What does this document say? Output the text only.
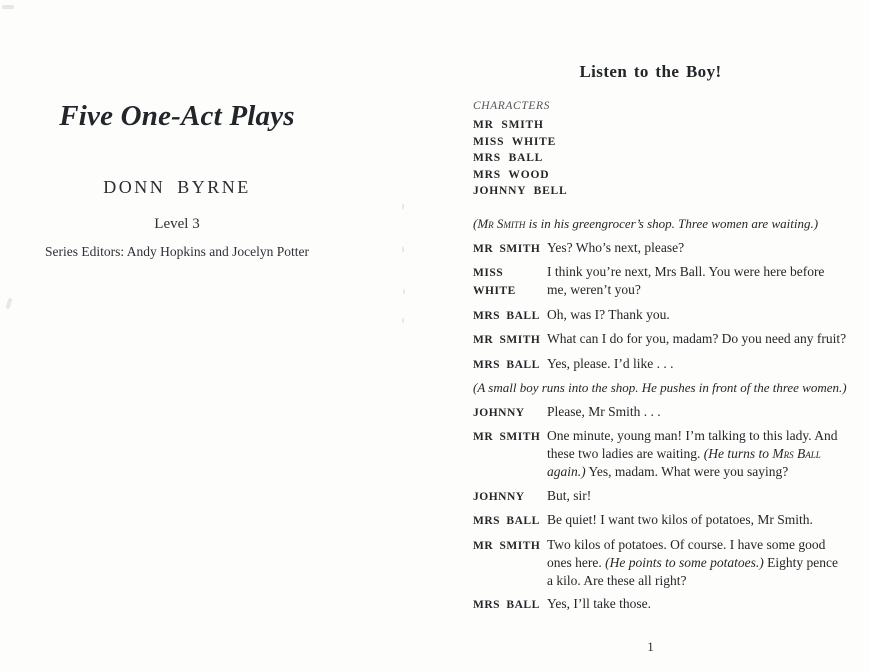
Five One-Act Plays
DONN BYRNE
Level 3
Series Editors: Andy Hopkins and Jocelyn Potter
Listen to the Boy!
CHARACTERS
MR SMITH
MISS WHITE
MRS BALL
MRS WOOD
JOHNNY BELL
(Mr Smith is in his greengrocer’s shop. Three women are waiting.)
MR SMITH Yes? Who’s next, please?
MISS WHITE
I think you’re next, Mrs Ball. You were here before me, weren’t you?
MRS BALL Oh, was I? Thank you.
MR SMITH What can I do for you, madam? Do you need any fruit?
MRS BALL Yes, please. I’d like . . .
(A small boy runs into the shop. He pushes in front of the three women.)
JOHNNY	Please, Mr Smith . . .
MR SMITH One minute, young man! I’m talking to this lady. And these two ladies are waiting. (He turns to Mrs Ball again.) Yes, madam. What were you saying?
JOHNNY	But, sir!
MRS BALL Be quiet! I want two kilos of potatoes, Mr Smith.
MR SMITH Two kilos of potatoes. Of course. I have some good ones here. (He points to some potatoes.) Eighty pence a kilo. Are these all right?
MRS BALL Yes, I’ll take those.
1
